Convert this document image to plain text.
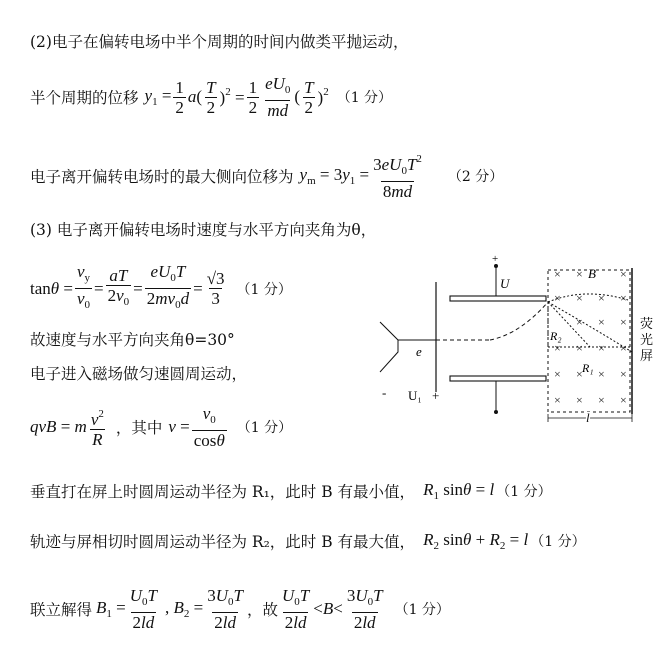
(2)电子在偏转电场中半个周期的时间内做类平抛运动，
半个周期的位移 $y_1 = \frac{1}{2} a( \frac{T}{2} )^2 = \frac{1}{2} \frac{eU_0}{md}$ ( $\frac{T}{2} )^2$ （1 分）
电子离开偏转电场时的最大侧向位移为 $y_m = 3y_1 = \frac{3eU_0T^2}{8md} (2$ 分）
(3) 电子离开偏转电场时速度与水平方向夹角为θ，
$\tan\theta = \frac{v_y}{v_0} = \frac{aT}{2v_0} = \frac{eU_0T}{2mv_0d} = \frac{√3}{3} (1$ 分）
故速度与水平方向夹角θ=30°
电子进入磁场做匀速圆周运动，
qvB = m $\frac{v^2}{R}$ ，其中 $v = \frac{v_0}{\cos\theta} (1$ 分）
垂直打在屏上时圆周运动半径为 R₁，此时 B 有最小值， $R_1$ sinθ = l （1 分）
轨迹与屏相切时圆周运动半径为 R₂，此时 B 有最大值， $R_2$ $\sin\theta + R_2 = l$ （1 分）
联立解得 $B_1 = \frac{U_0T}{2ld}$ , $B_2 = \frac{3U_0T}{2ld}$ ，故 $\frac{U_0T}{2ld} <B< \frac{3U_0T}{2ld} (1$ 分）
- U₁ +
U
+
e
荧
光
屏
× ×	×
× × × ×
× × ×
× × × ×
× × × ×
× × × ×
B
R₂
R₁
l
